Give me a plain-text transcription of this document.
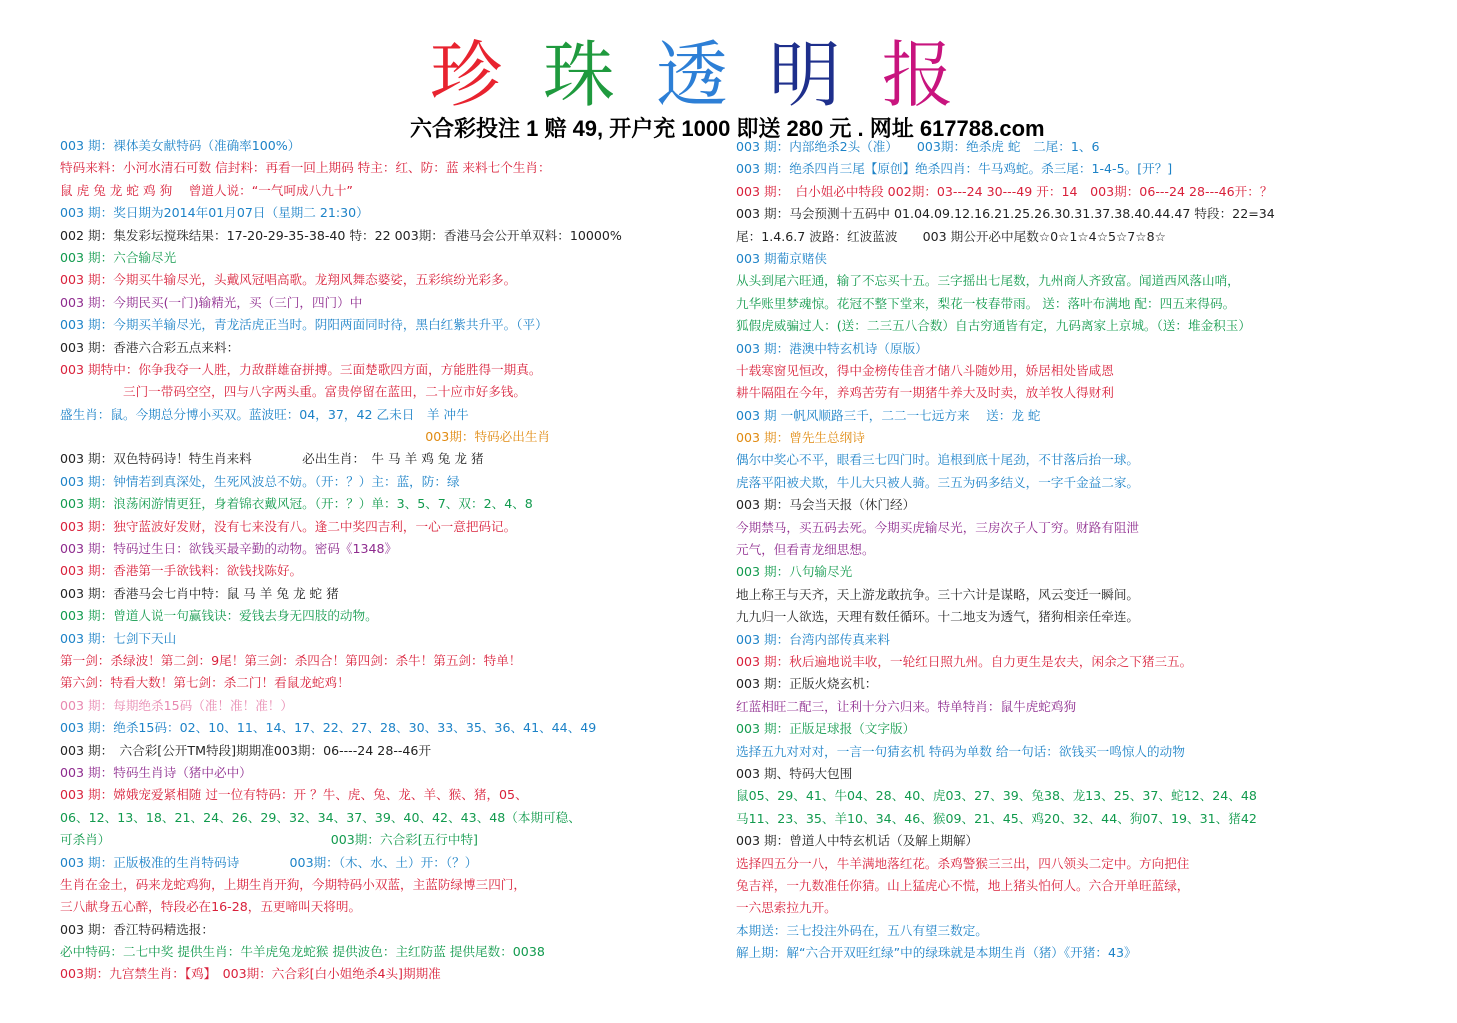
珍 珠 透 明 报
六合彩投注 1 赔 49, 开户充 1000 即送 280 元 . 网址 617788.com
003 期：裸体美女献特码（准确率100%）
特码来料：小河水清石可数 信封料：再看一回上期码 特主：红、防：蓝 来料七个生肖：
鼠 虎 兔 龙 蛇 鸡 狗　 曾道人说：“一气呵成八九十”
003 期：奖日期为2014年01月07日（星期二 21:30）
002 期：集发彩坛搅珠结果：17-20-29-35-38-40 特：22 003期：香港马会公开单双料：10000%
003 期：六合输尽光
003 期：今期买牛输尽光，头戴风冠唱高歌。龙翔风舞态婆娑，五彩缤纷光彩多。
003 期：今期民买(一门)输精光，买（三门，四门）中
003 期：今期买羊输尽光，青龙活虎正当时。阴阳两面同时待，黑白红紫共升平。（平）
003 期：香港六合彩五点来料：
003 期特中：你争我夺一人胜，力敌群雄奋拼搏。三面楚歌四方面，方能胜得一期真。
　　　　　三门一带码空空，四与八字两头重。富贵停留在蓝田，二十应市好多钱。
盛生肖：鼠。今期总分博小买双。蓝波旺：04，37，42 乙未日　羊 冲牛
　　　　　　　　　　　　　　　　　　　　　　　　　　　　　003期：特码必出生肖
003 期：双色特码诗！特生肖来料　　　　必出生肖：　牛 马 羊 鸡 兔 龙 猪
003 期：钟情若到真深处，生死风波总不妨。（开：？）主：蓝，防：绿
003 期：浪荡闲游情更狂，身着锦衣戴风冠。（开：？）单：3、5、7、双：2、4、8
003 期：独守蓝波好发财，没有七来没有八。逢二中奖四吉利，一心一意把码记。
003 期：特码过生日：欲钱买最辛勤的动物。密码《1348》
003 期：香港第一手欲钱料：欲钱找陈好。
003 期：香港马会七肖中特：鼠 马 羊 兔 龙 蛇 猪
003 期：曾道人说一句赢钱诀：爱钱去身无四肢的动物。
003 期：七剑下天山
第一剑：杀绿波！第二剑：9尾！第三剑：杀四合！第四剑：杀牛！第五剑：特单！
第六剑：特看大数！第七剑：杀二门！看鼠龙蛇鸡！
003 期：每期绝杀15码（准！准！准！）
003 期：绝杀15码：02、10、11、14、17、22、27、28、30、33、35、36、41、44、49
003 期：　六合彩[公开TM特段]期期准003期：06----24 28--46开
003 期：特码生肖诗（猪中必中）
003 期：嫦娥宠爱紧相随 过一位有特码：开 ？牛、虎、兔、龙、羊、猴、猪，05、
06、12、13、18、21、24、26、29、32、34、37、39、40、42、43、48（本期可稳、
可杀肖）　　　　　　　　　　　　　　　　　　003期：六合彩[五行中特]
003 期：正版极准的生肖特码诗　　　　003期：（木、水、土）开：（？）
生肖在金土，码来龙蛇鸡狗，上期生肖开狗，今期特码小双蓝，主蓝防绿博三四门，
三八献身五心醉，特段必在16-28，五更啼叫天将明。
003 期：香江特码精选报：
必中特码：二七中奖 提供生肖：牛羊虎兔龙蛇猴 提供波色：主红防蓝 提供尾数：0038
003期：九宫禁生肖：【鸡】　003期：六合彩[白小姐绝杀4头]期期准
003 期：内部绝杀2头（准）　　003期：绝杀虎 蛇　二尾：1、6
003 期：绝杀四肖三尾【原创】绝杀四肖：牛马鸡蛇。杀三尾：1-4-5。[开？]
003 期：　白小姐必中特段 002期：03---24 30---49 开：14　003期：06---24 28---46开：？
003 期：马会预测十五码中 01.04.09.12.16.21.25.26.30.31.37.38.40.44.47 特段：22=34
尾：1.4.6.7 波路：红波蓝波　　003 期公开必中尾数☆0☆1☆4☆5☆7☆8☆
003 期葡京赌侠
从头到尾六旺通，输了不忘买十五。三字摇出七尾数，九州商人齐致富。闻道西风落山哨，
九华账里梦魂惊。花冠不整下堂来，梨花一枝春带雨。 送：落叶布满地 配：四五来得码。
狐假虎威骗过人：(送：二三五八合数）自古穷通皆有定，九码离家上京城。（送：堆金积玉）
003 期：港澳中特玄机诗（原版）
十载寒窗见恒改，得中金榜传佳音才储八斗随妙用，娇居相处皆咸恩
耕牛隔阻在今年，养鸡苦劳有一期猪牛养大及时卖，放羊牧人得财利
003 期 一帆风顺路三千，二二一七远方来　 送：龙 蛇
003 期：曾先生总纲诗
偶尔中奖心不平，眼看三七四门时。追根到底十尾劲，不甘落后抬一球。
虎落平阳被犬欺，牛儿大只被人骑。三五为码多结义，一字千金益二家。
003 期：马会当天报（休门经）
今期禁马，买五码去死。今期买虎输尽光，三房次子人丁穷。财路有阻泄
元气，但看青龙细思想。
003 期：八句输尽光
地上称王与天齐，天上游龙敢抗争。三十六计是谋略，风云变迁一瞬间。
九九归一人欲选，天理有数任循环。十二地支为透气，猪狗相亲任牵连。
003 期：台湾内部传真来料
003 期：秋后遍地说丰收，一轮红日照九州。自力更生是农夫，闲余之下猪三五。
003 期：正版火烧玄机：
红蓝相旺二配三，让利十分六归来。特单特肖：鼠牛虎蛇鸡狗
003 期：正版足球报（文字版）
选择五九对对对，一言一句猜玄机 特码为单数 给一句话：欲钱买一鸣惊人的动物
003 期、特码大包围
鼠05、29、41、牛04、28、40、虎03、27、39、兔38、龙13、25、37、蛇12、24、48
马11、23、35、羊10、34、46、猴09、21、45、鸡20、32、44、狗07、19、31、猪42
003 期：曾道人中特玄机话（及解上期解）
选择四五分一八，牛羊满地落红花。杀鸡警猴三三出，四八领头二定中。方向把住
兔吉祥，一九数准任你猜。山上猛虎心不慌，地上猪头怕何人。六合开单旺蓝绿，
一六思索拉九开。
本期送：三七投注外码在，五八有望三数定。
解上期：解“六合开双旺红绿”中的绿珠就是本期生肖（猪）《开猪：43》
